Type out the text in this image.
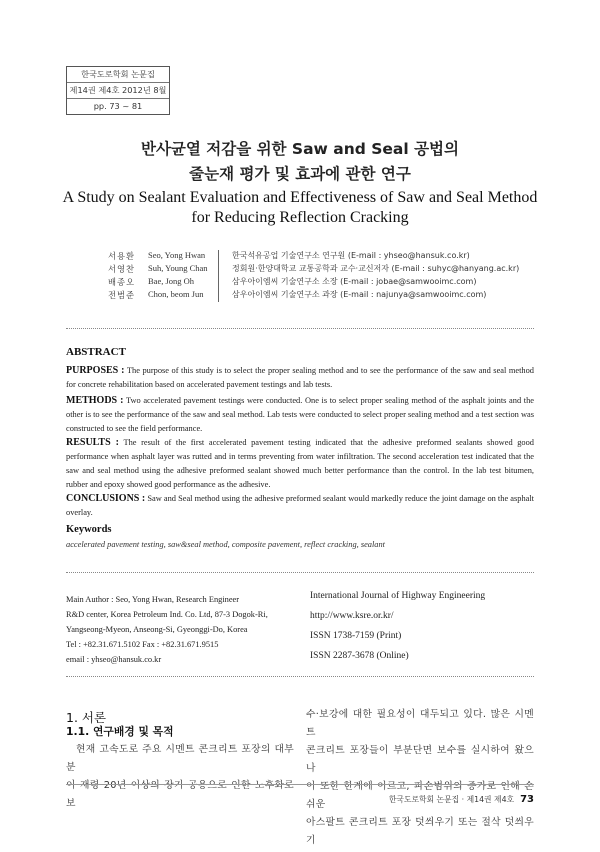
한국도로학회 논문집
제14권 제4호 2012년 8월
pp. 73 ~ 81
반사균열 저감을 위한 Saw and Seal 공법의
줄눈재 평가 및 효과에 관한 연구
A Study on Sealant Evaluation and Effectiveness of Saw and Seal Method
for Reducing Reflection Cracking
서용환 Seo, Yong Hwan	한국석유공업 기술연구소 연구원 (E-mail : yhseo@hansuk.co.kr)
서영찬 Suh, Young Chan	정회원·한양대학교 교통공학과 교수·교신저자 (E-mail : suhyc@hanyang.ac.kr)
배종오 Bae, Jong Oh	삼우아이엠씨 기술연구소 소장 (E-mail : jobae@samwooimc.com)
전범준 Chon, beom Jun	삼우아이엠씨 기술연구소 과장 (E-mail : najunya@samwooimc.com)
ABSTRACT
PURPOSES : The purpose of this study is to select the proper sealing method and to see the performance of the saw and seal method for concrete rehabilitation based on accelerated pavement testings and lab tests.
METHODS : Two accelerated pavement testings were conducted. One is to select proper sealing method of the asphalt joints and the other is to see the performance of the saw and seal method. Lab tests were conducted to select proper sealing method and a test section was constructed to see the field performance.
RESULTS : The result of the first accelerated pavement testing indicated that the adhesive preformed sealants showed good performance when asphalt layer was rutted and in terms preventing from water infiltration. The second acceleration test indicated that the saw and seal method using the adhesive preformed sealant showed much better performance than the control. In the lab test bitumen, rubber and epoxy showed good performance as the adhesive.
CONCLUSIONS : Saw and Seal method using the adhesive preformed sealant would markedly reduce the joint damage on the asphalt overlay.
Keywords
accelerated pavement testing, saw&seal method, composite pavement, reflect cracking, sealant
Main Author : Seo, Yong Hwan, Research Engineer
R&D center, Korea Petroleum Ind. Co. Ltd, 87-3 Dogok-Ri,
Yangseong-Myeon, Anseong-Si, Gyeonggi-Do, Korea
Tel : +82.31.671.5102 Fax : +82.31.671.9515
email : yhseo@hansuk.co.kr
International Journal of Highway Engineering
http://www.ksre.or.kr/
ISSN 1738-7159 (Print)
ISSN 2287-3678 (Online)
1. 서론
1.1. 연구배경 및 목적
현재 고속도로 주요 시멘트 콘크리트 포장의 대부분
이 재령 20년 이상의 장기 공용으로 인한 노후화로 보
수·보강에 대한 필요성이 대두되고 있다. 많은 시멘트
콘크리트 포장들이 부분단면 보수를 실시하여 왔으나
이 또한 한계에 이르고, 파손범위의 증가로 인해 손쉬운
아스팔트 콘크리트 포장 덧씌우기 또는 절삭 덧씌우기
한국도로학회 논문집 · 제14권 제4호 73
